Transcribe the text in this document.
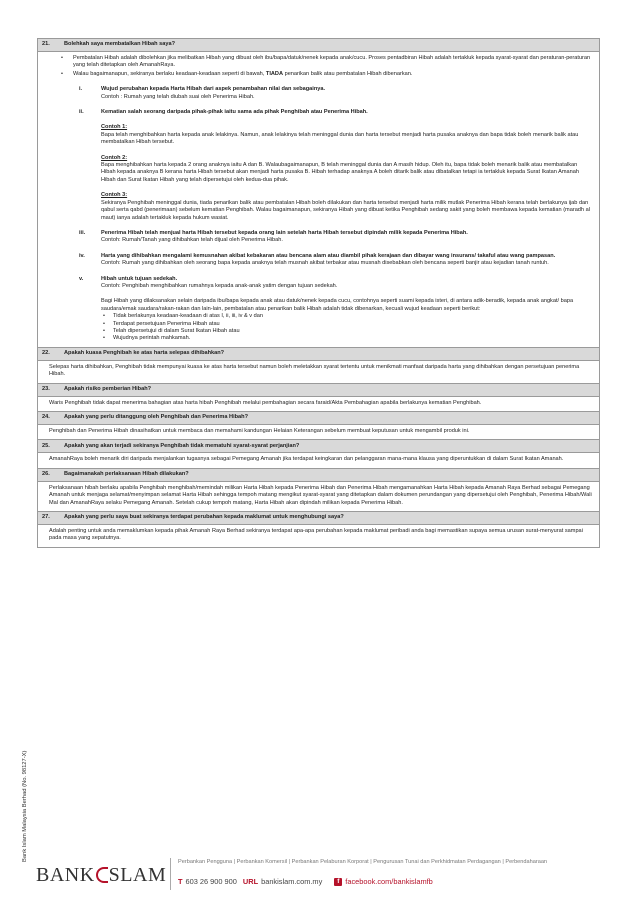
21.	Bolehkah saya membatalkan Hibah saya?
•	Pembatalan Hibah adalah dibolehkan jika melibatkan Hibah yang dibuat oleh ibu/bapa/datuk/nenek kepada anak/cucu. Proses pentadbiran Hibah adalah tertakluk kepada syarat-syarat dan peraturan-peraturan yang telah ditetapkan oleh AmanahRaya.
•	Walau bagaimanapun, sekiranya berlaku keadaan-keadaan seperti di bawah, TIADA penarikan balik atau pembatalan Hibah dibenarkan.
i.	Wujud perubahan kepada Harta Hibah dari aspek penambahan nilai dan sebagainya.
Contoh : Rumah yang telah diubah suai oleh Penerima Hibah.
ii.	Kematian salah seorang daripada pihak-pihak iaitu sama ada pihak Penghibah atau Penerima Hibah.
Contoh 1:
Bapa telah menghibahkan harta kepada anak lelakinya. Namun, anak lelakinya telah meninggal dunia dan harta tersebut menjadi harta pusaka anaknya dan bapa tidak boleh menarik balik atau membatalkan Hibah tersebut.
Contoh 2:
Bapa menghibahkan harta kepada 2 orang anaknya iaitu A dan B. Walaubagaimanapun, B telah meninggal dunia dan A masih hidup. Oleh itu, bapa tidak boleh menarik balik atau membatalkan Hibah kepada anaknya B kerana harta Hibah tersebut akan menjadi harta pusaka B. Hibah terhadap anaknya A boleh ditarik balik atau dibatalkan tetapi ia tertakluk kepada Surat Ikatan Amanah Hibah dan Surat Ikatan Hibah yang telah dipersetujui oleh kedua-dua pihak.
Contoh 3:
Sekiranya Penghibah meninggal dunia, tiada penarikan balik atau pembatalan Hibah boleh dilakukan dan harta tersebut menjadi harta milik mutlak Penerima Hibah kerana telah berlakunya ijab dan qabul serta qabd (penerimaan) sebelum kematian Penghibah. Walau bagaimanapun, sekiranya Hibah yang dibuat ketika Penghibah sedang sakit yang boleh membawa kepada kematian (maradh al maut) ianya adalah tertakluk kepada hukum wasiat.
iii.	Penerima Hibah telah menjual harta Hibah tersebut kepada orang lain setelah harta Hibah tersebut dipindah milik kepada Penerima Hibah.
Contoh: Rumah/Tanah yang dihibahkan telah dijual oleh Penerima Hibah.
iv.	Harta yang dihibahkan mengalami kemusnahan akibat kebakaran atau bencana alam atau diambil pihak kerajaan dan dibayar wang insurans/ takaful atau wang pampasan.
Contoh: Rumah yang dihibahkan oleh seorang bapa kepada anaknya telah musnah akibat terbakar atau musnah disebabkan oleh bencana seperti banjir atau kejadian tanah runtuh.
v.	Hibah untuk tujuan sedekah.
Contoh: Penghibah menghibahkan rumahnya kepada anak-anak yatim dengan tujuan sedekah.
Bagi Hibah yang dilaksanakan selain daripada ibu/bapa kepada anak atau datuk/nenek kepada cucu, contohnya seperti suami kepada isteri, di antara adik-beradik, kepada anak angkat/ bapa saudara/emak saudara/rakan-rakan dan lain-lain, pembatalan atau penarikan balik Hibah adalah tidak dibenarkan, kecuali wujud keadaan seperti berikut:
•	Tidak berlakunya keadaan-keadaan di atas I, ii, iii, iv & v dan
•	Terdapat persetujuan Penerima Hibah atau
•	Telah dipersetujui di dalam Surat Ikatan Hibah atau
•	Wujudnya perintah mahkamah.
22.	Apakah kuasa Penghibah ke atas harta selepas dihibahkan?
Selepas harta dihibahkan, Penghibah tidak mempunyai kuasa ke atas harta tersebut namun boleh meletakkan syarat tertentu untuk menikmati manfaat daripada harta yang dihibahkan dengan persetujuan penerima Hibah.
23.	Apakah risiko pemberian Hibah?
Waris Penghibah tidak dapat menerima bahagian atas harta hibah Penghibah melalui pembahagian secara faraid/Akta Pembahagian apabila berlakunya kematian Penghibah.
24.	Apakah yang perlu ditanggung oleh Penghibah dan Penerima Hibah?
Penghibah dan Penerima Hibah dinasihatkan untuk membaca dan memahami kandungan Helaian Keterangan sebelum membuat keputusan untuk mengambil produk ini.
25.	Apakah yang akan terjadi sekiranya Penghibah tidak mematuhi syarat-syarat perjanjian?
AmanahRaya boleh menarik diri daripada menjalankan tugasnya sebagai Pemegang Amanah jika terdapat keingkaran dan pelanggaran mana-mana klausa yang diperuntukkan di dalam Surat Ikatan Amanah.
26.	Bagaimanakah perlaksanaan Hibah dilakukan?
Perlaksanaan hibah berlaku apabila Penghibah menghibah/memindah milikan Harta Hibah kepada Penerima Hibah dan Penerima Hibah mengamanahkan Harta Hibah kepada Amanah Raya Berhad sebagai Pemegang Amanah untuk menjaga selamat/menyimpan selamat Harta Hibah sehingga tempoh matang mengikut syarat-syarat yang ditetapkan dalam dokumen perundangan yang dipersetujui oleh Penghibah, Penerima Hibah/Wali Mal dan AmanahRaya selaku Pemegang Amanah. Setelah cukup tempoh matang, Harta Hibah akan dipindah milikan kepada Penerima Hibah.
27.	Apakah yang perlu saya buat sekiranya terdapat perubahan kepada maklumat untuk menghubungi saya?
Adalah penting untuk anda memaklumkan kepada pihak Amanah Raya Berhad sekiranya terdapat apa-apa perubahan kepada maklumat peribadi anda bagi memastikan supaya semua urusan surat-menyurat sampai pada masa yang sepatutnya.
Bank Islam Malaysia Berhad (No. 98127-X)
BANK SLAM
Perbankan Pengguna | Perbankan Komersil | Perbankan Pelaburan Korporat | Pengurusan Tunai dan Perkhidmatan Perdagangan | Perbendaharaan
T 603 26 900 900 URL bankislam.com.my	f facebook.com/bankislamfb
